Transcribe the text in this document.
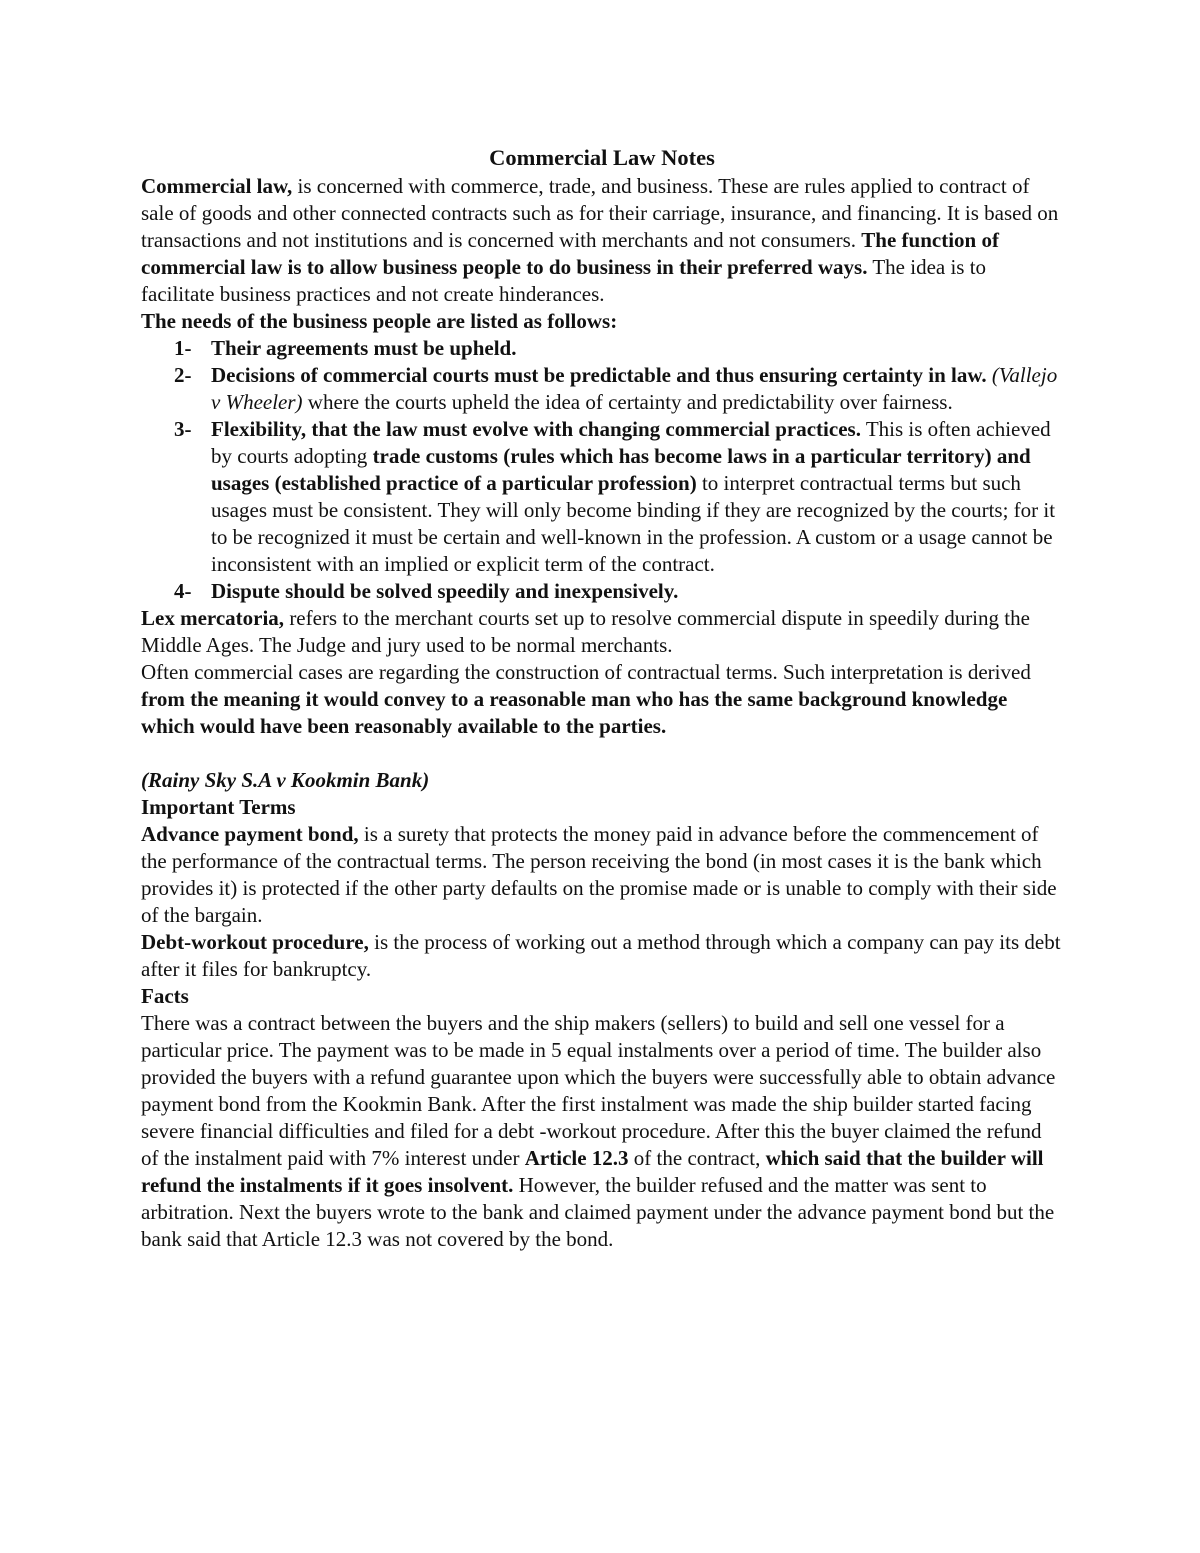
Commercial Law Notes

Commercial law, is concerned with commerce, trade, and business. These are rules applied to contract of sale of goods and other connected contracts such as for their carriage, insurance, and financing. It is based on transactions and not institutions and is concerned with merchants and not consumers. The function of commercial law is to allow business people to do business in their preferred ways. The idea is to facilitate business practices and not create hinderances.

The needs of the business people are listed as follows:

1- Their agreements must be upheld.
2- Decisions of commercial courts must be predictable and thus ensuring certainty in law. (Vallejo v Wheeler) where the courts upheld the idea of certainty and predictability over fairness.
3- Flexibility, that the law must evolve with changing commercial practices. This is often achieved by courts adopting trade customs (rules which has become laws in a particular territory) and usages (established practice of a particular profession) to interpret contractual terms but such usages must be consistent. They will only become binding if they are recognized by the courts; for it to be recognized it must be certain and well-known in the profession. A custom or a usage cannot be inconsistent with an implied or explicit term of the contract.
4- Dispute should be solved speedily and inexpensively.

Lex mercatoria, refers to the merchant courts set up to resolve commercial dispute in speedily during the Middle Ages. The Judge and jury used to be normal merchants.

Often commercial cases are regarding the construction of contractual terms. Such interpretation is derived from the meaning it would convey to a reasonable man who has the same background knowledge which would have been reasonably available to the parties.

(Rainy Sky S.A v Kookmin Bank)

Important Terms

Advance payment bond, is a surety that protects the money paid in advance before the commencement of the performance of the contractual terms. The person receiving the bond (in most cases it is the bank which provides it) is protected if the other party defaults on the promise made or is unable to comply with their side of the bargain.

Debt-workout procedure, is the process of working out a method through which a company can pay its debt after it files for bankruptcy.

Facts

There was a contract between the buyers and the ship makers (sellers) to build and sell one vessel for a particular price. The payment was to be made in 5 equal instalments over a period of time. The builder also provided the buyers with a refund guarantee upon which the buyers were successfully able to obtain advance payment bond from the Kookmin Bank. After the first instalment was made the ship builder started facing severe financial difficulties and filed for a debt -workout procedure. After this the buyer claimed the refund of the instalment paid with 7% interest under Article 12.3 of the contract, which said that the builder will refund the instalments if it goes insolvent. However, the builder refused and the matter was sent to arbitration. Next the buyers wrote to the bank and claimed payment under the advance payment bond but the bank said that Article 12.3 was not covered by the bond.
